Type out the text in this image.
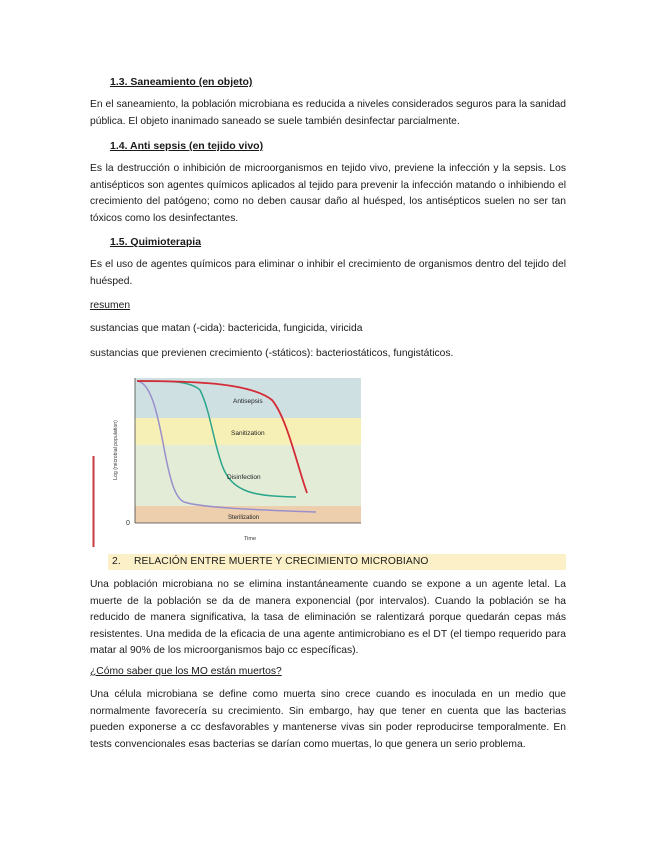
1.3. Saneamiento (en objeto)
En el saneamiento, la población microbiana es reducida a niveles considerados seguros para la sanidad pública. El objeto inanimado saneado se suele también desinfectar parcialmente.
1.4. Anti sepsis (en tejido vivo)
Es la destrucción o inhibición de microorganismos en tejido vivo, previene la infección y la sepsis. Los antisépticos son agentes químicos aplicados al tejido para prevenir la infección matando o inhibiendo el crecimiento del patógeno; como no deben causar daño al huésped, los antisépticos suelen no ser tan tóxicos como los desinfectantes.
1.5. Quimioterapia
Es el uso de agentes químicos para eliminar o inhibir el crecimiento de organismos dentro del tejido del huésped.
resumen
sustancias que matan (-cida): bactericida, fungicida, viricida
sustancias que previenen crecimiento (-státicos): bacteriostáticos, fungistáticos.
Antisepsis
Sanitization
Disinfection
Sterilization
0
Time
Log (microbial population)
2. RELACIÓN ENTRE MUERTE Y CRECIMIENTO MICROBIANO
Una población microbiana no se elimina instantáneamente cuando se expone a un agente letal. La muerte de la población se da de manera exponencial (por intervalos). Cuando la población se ha reducido de manera significativa, la tasa de eliminación se ralentizará porque quedarán cepas más resistentes. Una medida de la eficacia de una agente antimicrobiano es el DT (el tiempo requerido para matar al 90% de los microorganismos bajo cc específicas).
¿Cómo saber que los MO están muertos?
Una célula microbiana se define como muerta sino crece cuando es inoculada en un medio que normalmente favorecería su crecimiento. Sin embargo, hay que tener en cuenta que las bacterias pueden exponerse a cc desfavorables y mantenerse vivas sin poder reproducirse temporalmente. En tests convencionales esas bacterias se darían como muertas, lo que genera un serio problema.
